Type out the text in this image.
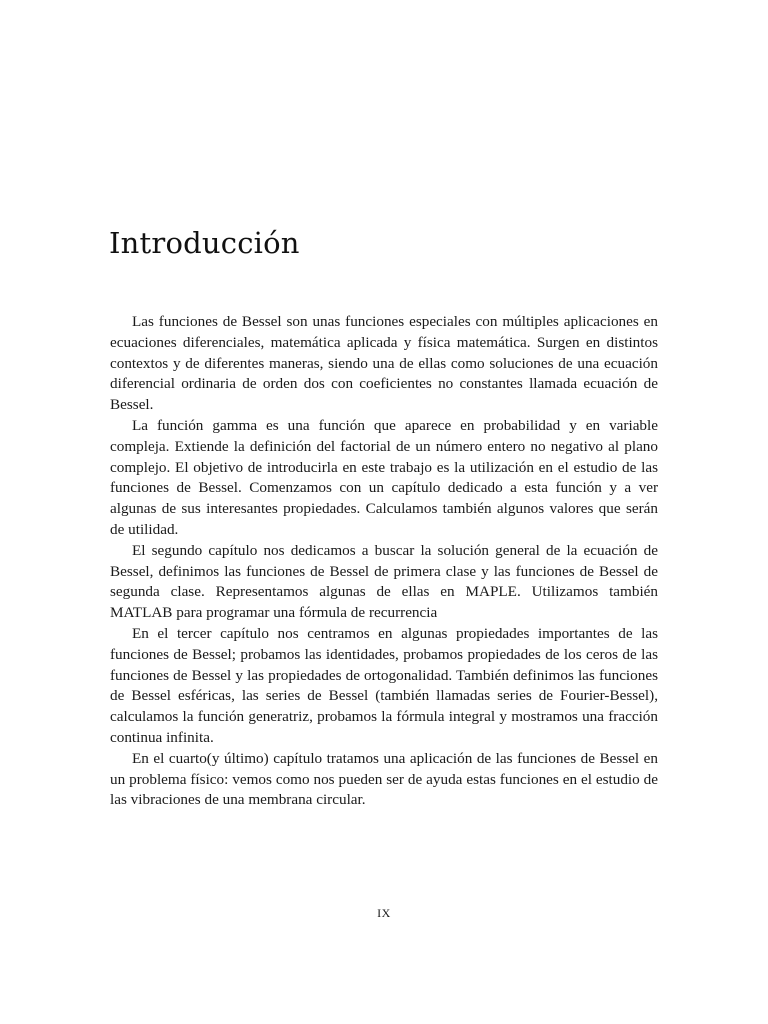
Introducción

Las funciones de Bessel son unas funciones especiales con múltiples aplicaciones en ecuaciones diferenciales, matemática aplicada y física matemática. Surgen en distintos contextos y de diferentes maneras, siendo una de ellas como soluciones de una ecuación diferencial ordinaria de orden dos con coeficientes no constantes llamada ecuación de Bessel.

La función gamma es una función que aparece en probabilidad y en variable compleja. Extiende la definición del factorial de un número entero no negativo al plano complejo. El objetivo de introducirla en este trabajo es la utilización en el estudio de las funciones de Bessel. Comenzamos con un capítulo dedicado a esta función y a ver algunas de sus interesantes propiedades. Calculamos también algunos valores que serán de utilidad.

El segundo capítulo nos dedicamos a buscar la solución general de la ecuación de Bessel, definimos las funciones de Bessel de primera clase y las funciones de Bessel de segunda clase. Representamos algunas de ellas en MAPLE. Utilizamos también MATLAB para programar una fórmula de recurrencia

En el tercer capítulo nos centramos en algunas propiedades importantes de las funciones de Bessel; probamos las identidades, probamos propiedades de los ceros de las funciones de Bessel y las propiedades de ortogonalidad. También definimos las funciones de Bessel esféricas, las series de Bessel (también llamadas series de Fourier-Bessel), calculamos la función generatriz, probamos la fórmula integral y mostramos una fracción continua infinita.

En el cuarto(y último) capítulo tratamos una aplicación de las funciones de Bessel en un problema físico: vemos como nos pueden ser de ayuda estas funciones en el estudio de las vibraciones de una membrana circular.

IX
